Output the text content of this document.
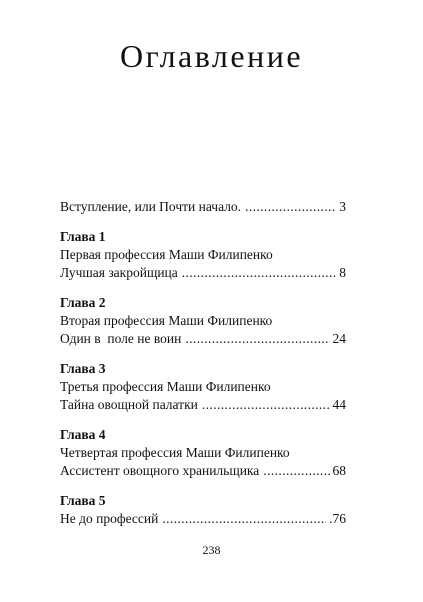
Оглавление
Вступление, или Почти начало. .....	3
Глава 1
Первая профессия Маши Филипенко
Лучшая закройщица .....	8
Глава 2
Вторая профессия Маши Филипенко
Один в  поле не воин .....	24
Глава 3
Третья профессия Маши Филипенко
Тайна овощной палатки .....	44
Глава 4
Четвертая профессия Маши Филипенко
Ассистент овощного хранильщика .....	68
Глава 5
Не до профессий .....	.76
238
